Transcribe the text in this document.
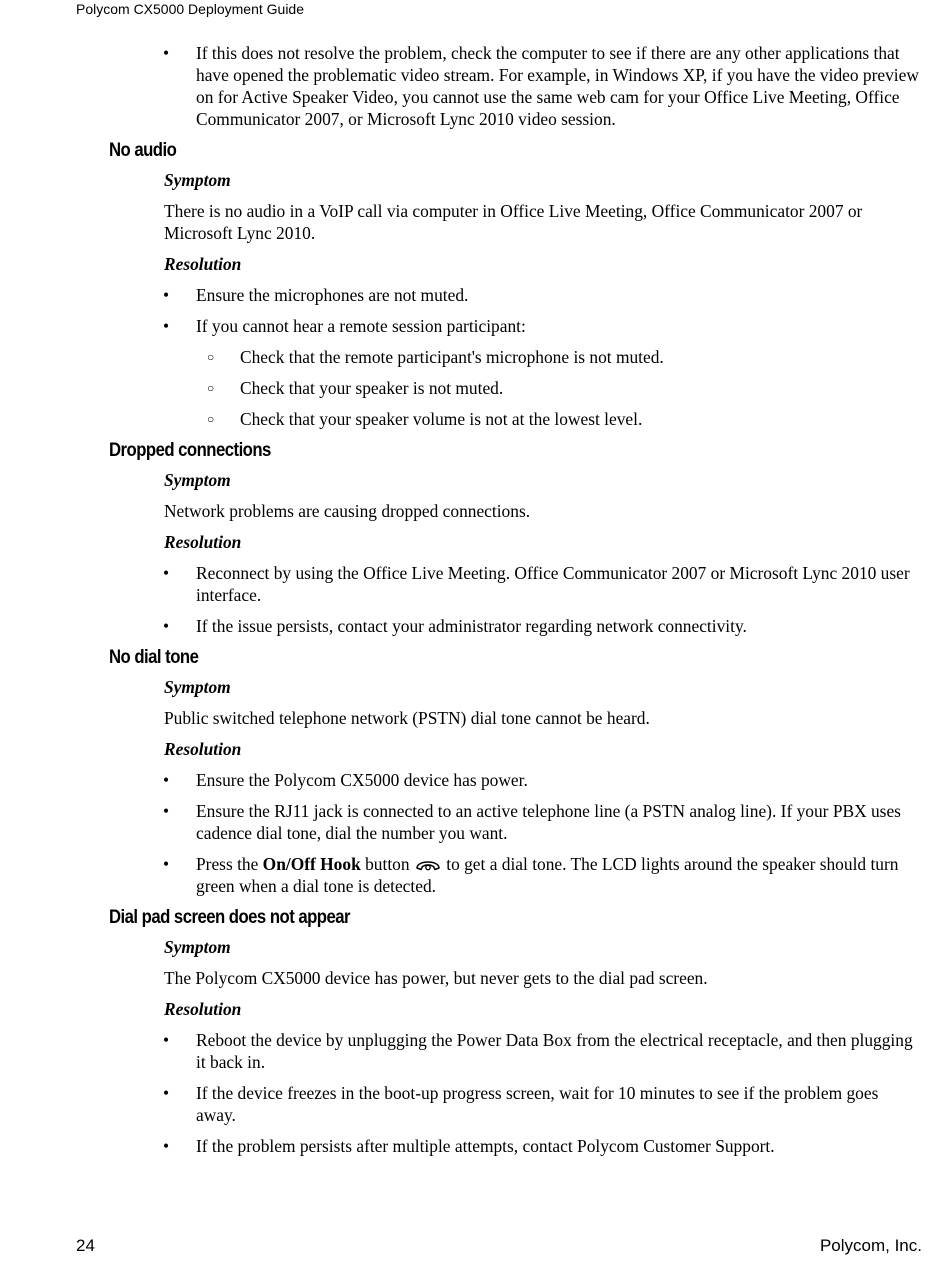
Polycom CX5000 Deployment Guide
• If this does not resolve the problem, check the computer to see if there are any other applications that have opened the problematic video stream. For example, in Windows XP, if you have the video preview on for Active Speaker Video, you cannot use the same web cam for your Office Live Meeting, Office Communicator 2007, or Microsoft Lync 2010 video session.
No audio
Symptom
There is no audio in a VoIP call via computer in Office Live Meeting, Office Communicator 2007 or Microsoft Lync 2010.
Resolution
• Ensure the microphones are not muted.
• If you cannot hear a remote session participant:
○ Check that the remote participant's microphone is not muted.
○ Check that your speaker is not muted.
○ Check that your speaker volume is not at the lowest level.
Dropped connections
Symptom
Network problems are causing dropped connections.
Resolution
• Reconnect by using the Office Live Meeting. Office Communicator 2007 or Microsoft Lync 2010 user interface.
• If the issue persists, contact your administrator regarding network connectivity.
No dial tone
Symptom
Public switched telephone network (PSTN) dial tone cannot be heard.
Resolution
• Ensure the Polycom CX5000 device has power.
• Ensure the RJ11 jack is connected to an active telephone line (a PSTN analog line). If your PBX uses cadence dial tone, dial the number you want.
• Press the On/Off Hook button  to get a dial tone. The LCD lights around the speaker should turn green when a dial tone is detected.
Dial pad screen does not appear
Symptom
The Polycom CX5000 device has power, but never gets to the dial pad screen.
Resolution
• Reboot the device by unplugging the Power Data Box from the electrical receptacle, and then plugging it back in.
• If the device freezes in the boot-up progress screen, wait for 10 minutes to see if the problem goes away.
• If the problem persists after multiple attempts, contact Polycom Customer Support.
24	Polycom, Inc.
